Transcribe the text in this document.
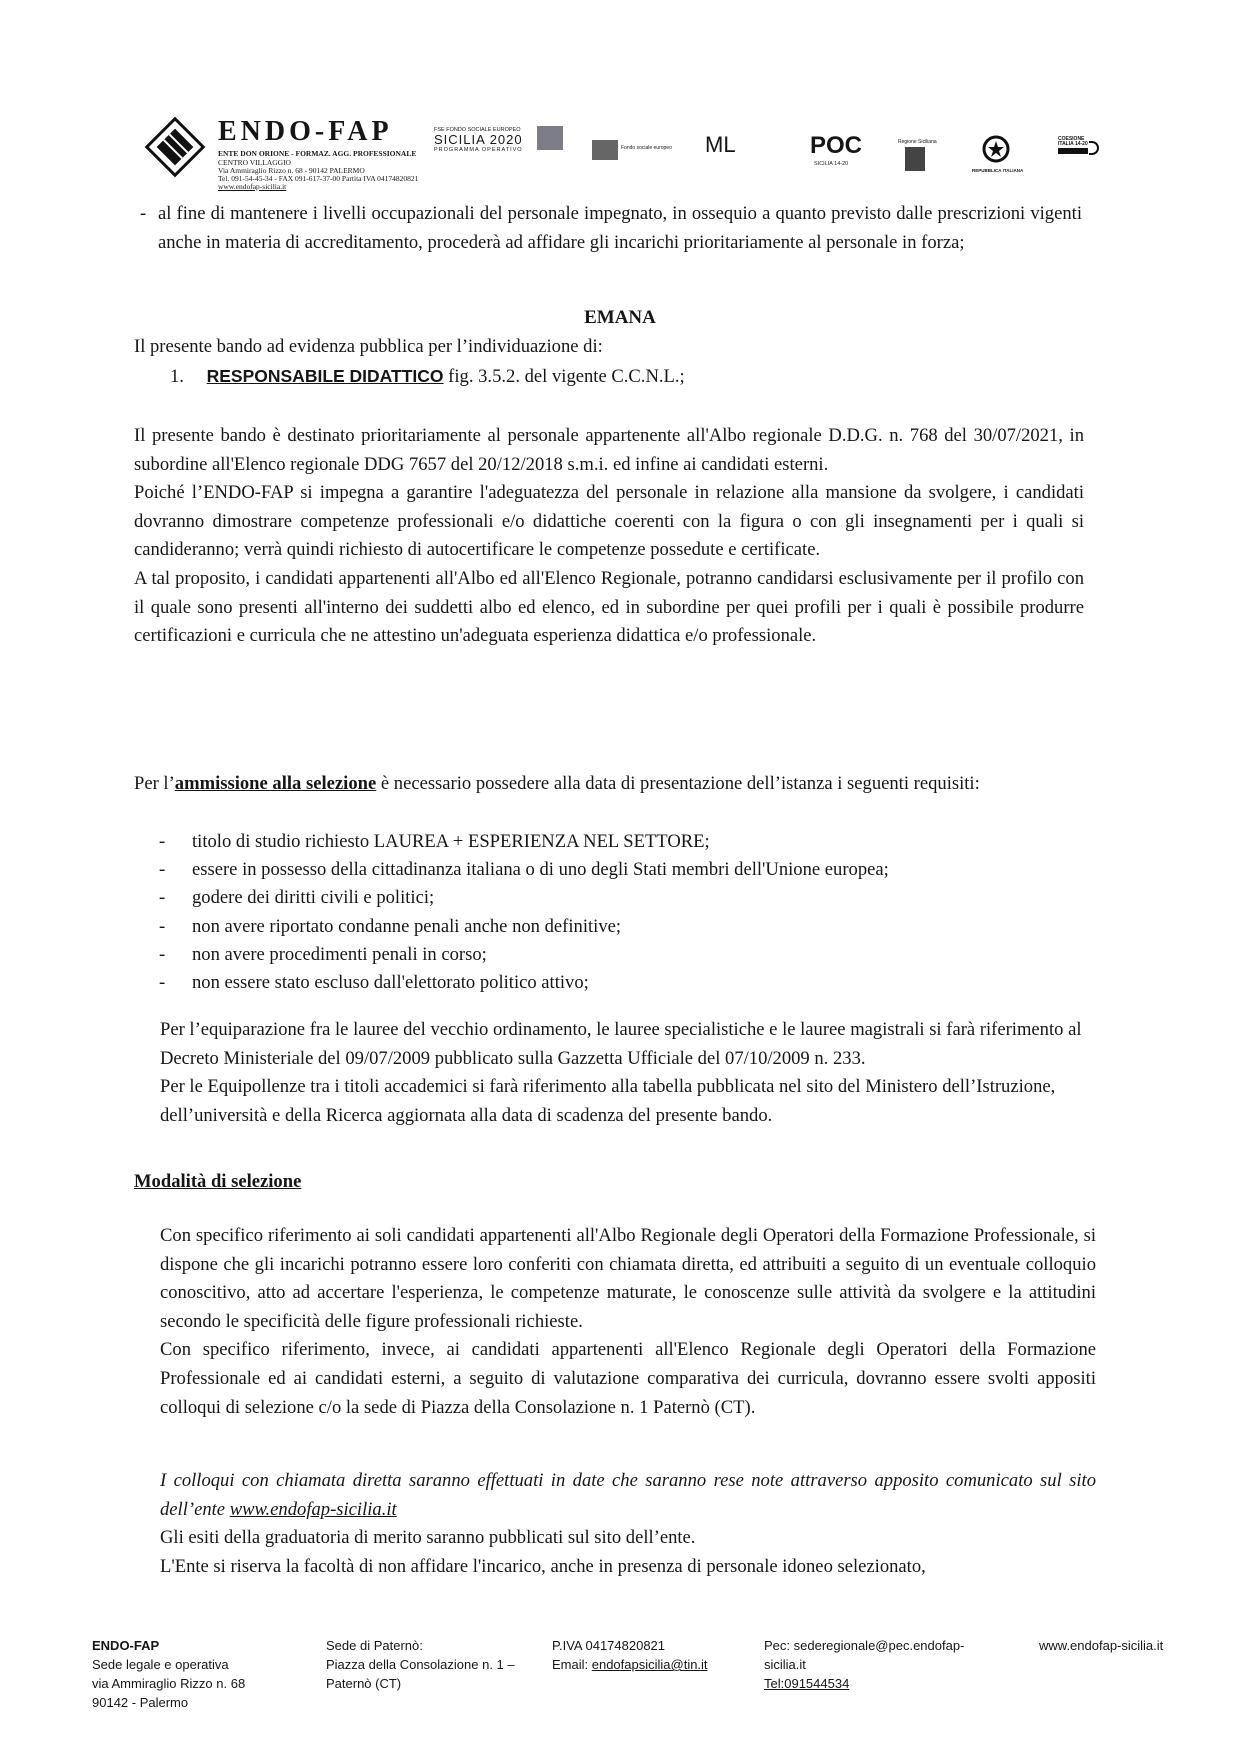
ENDO-FAP
ENTE DON ORIONE - FORMAZ. AGG. PROFESSIONALE
CENTRO VILLAGGIO
Via Ammiraglio Rizzo n. 68 - 90142 PALERMO
Tel. 091-54-45-34 - FAX 091-617-37-00 Partita IVA 04174820821
www.endofap-sicilia.it
FSE FONDO SOCIALE EUROPEO
SICILIA 2020
PROGRAMMA OPERATIVO	Fondo sociale europeo ML	POC
SICILIA 14-20
Regione Siciliana
REPUBBLICA ITALIANA
COESIONE
ITALIA 14-20
- al fine di mantenere i livelli occupazionali del personale impegnato, in ossequio a quanto previsto dalle prescrizioni vigenti anche in materia di accreditamento, procederà ad affidare gli incarichi prioritariamente al personale in forza;
EMANA
Il presente bando ad evidenza pubblica per l’individuazione di:
1. RESPONSABILE DIDATTICO fig. 3.5.2. del vigente C.C.N.L.;

Il presente bando è destinato prioritariamente al personale appartenente all'Albo regionale D.D.G. n. 768 del 30/07/2021, in subordine all'Elenco regionale DDG 7657 del 20/12/2018 s.m.i. ed infine ai candidati esterni.

Poiché l’ENDO-FAP si impegna a garantire l'adeguatezza del personale in relazione alla mansione da svolgere, i candidati dovranno dimostrare competenze professionali e/o didattiche coerenti con la figura o con gli insegnamenti per i quali si candideranno; verrà quindi richiesto di autocertificare le competenze possedute e certificate.

A tal proposito, i candidati appartenenti all'Albo ed all'Elenco Regionale, potranno candidarsi esclusivamente per il profilo con il quale sono presenti all'interno dei suddetti albo ed elenco, ed in subordine per quei profili per i quali è possibile produrre certificazioni e curricula che ne attestino un'adeguata esperienza didattica e/o professionale.

Per l’ammissione alla selezione è necessario possedere alla data di presentazione dell’istanza i seguenti requisiti:
- titolo di studio richiesto LAUREA + ESPERIENZA NEL SETTORE;
- essere in possesso della cittadinanza italiana o di uno degli Stati membri dell'Unione europea;
- godere dei diritti civili e politici;
- non avere riportato condanne penali anche non definitive;
- non avere procedimenti penali in corso;
- non essere stato escluso dall'elettorato politico attivo;

Per l’equiparazione fra le lauree del vecchio ordinamento, le lauree specialistiche e le lauree magistrali si farà riferimento al Decreto Ministeriale del 09/07/2009 pubblicato sulla Gazzetta Ufficiale del 07/10/2009 n. 233.

Per le Equipollenze tra i titoli accademici si farà riferimento alla tabella pubblicata nel sito del Ministero dell’Istruzione, dell’università e della Ricerca aggiornata alla data di scadenza del presente bando.

Modalità di selezione

Con specifico riferimento ai soli candidati appartenenti all'Albo Regionale degli Operatori della Formazione Professionale, si dispone che gli incarichi potranno essere loro conferiti con chiamata diretta, ed attribuiti a seguito di un eventuale colloquio conoscitivo, atto ad accertare l'esperienza, le competenze maturate, le conoscenze sulle attività da svolgere e la attitudini secondo le specificità delle figure professionali richieste.

Con specifico riferimento, invece, ai candidati appartenenti all'Elenco Regionale degli Operatori della Formazione Professionale ed ai candidati esterni, a seguito di valutazione comparativa dei curricula, dovranno essere svolti appositi colloqui di selezione c/o la sede di Piazza della Consolazione n. 1 Paternò (CT).

I colloqui con chiamata diretta saranno effettuati in date che saranno rese note attraverso apposito comunicato sul sito dell’ente www.endofap-sicilia.it

Gli esiti della graduatoria di merito saranno pubblicati sul sito dell’ente.

L'Ente si riserva la facoltà di non affidare l'incarico, anche in presenza di personale idoneo selezionato,

ENDO-FAP
Sede legale e operativa
via Ammiraglio Rizzo n. 68
90142 - Palermo
Sede di Paternò:
Piazza della Consolazione n. 1 –
Paternò (CT)
P.IVA 04174820821
Email: endofapsicilia@tin.it
Pec: sederegionale@pec.endofap-
sicilia.it
Tel:091544534
www.endofap-sicilia.it
